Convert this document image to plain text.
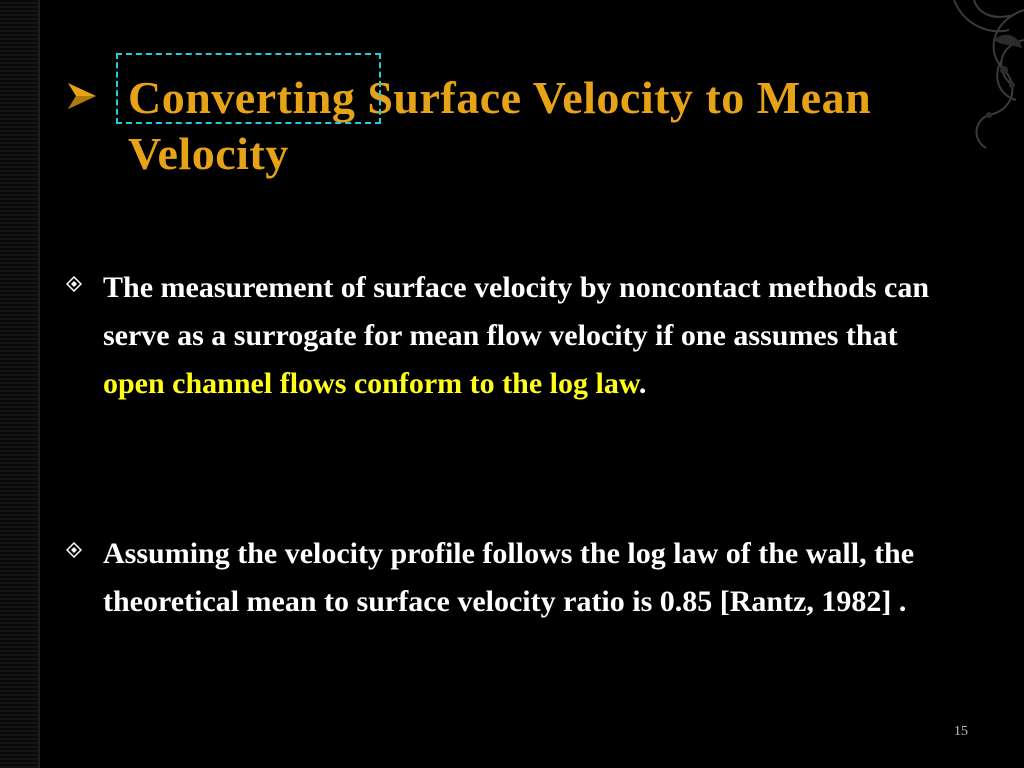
Converting Surface Velocity to Mean Velocity
The measurement of surface velocity by noncontact methods can serve as a surrogate for mean flow velocity if one assumes that open channel flows conform to the log law.
Assuming the velocity profile follows the log law of the wall, the theoretical mean to surface velocity ratio is 0.85 [Rantz, 1982] .
15
